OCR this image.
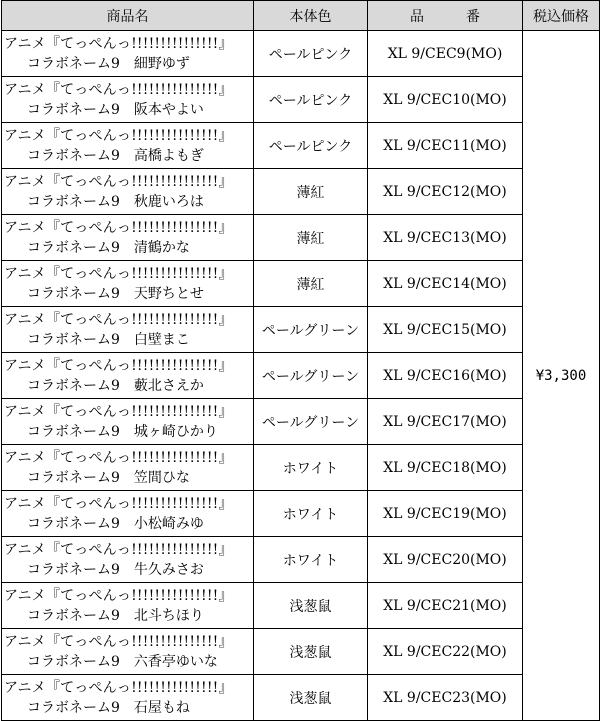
商品名	本体色	品　番	税込価格

アニメ『てっぺんっ!!!!!!!!!!!!!!!』
コラボネーム9　細野ゆず	ペールピンク	XL 9/CEC9(MO)	¥3,300

アニメ『てっぺんっ!!!!!!!!!!!!!!!』
コラボネーム9　阪本やよい	ペールピンク	XL 9/CEC10(MO)	

アニメ『てっぺんっ!!!!!!!!!!!!!!!』
コラボネーム9　高橋よもぎ	ペールピンク	XL 9/CEC11(MO)	

アニメ『てっぺんっ!!!!!!!!!!!!!!!』
コラボネーム9　秋鹿いろは	薄紅	XL 9/CEC12(MO)	

アニメ『てっぺんっ!!!!!!!!!!!!!!!』
コラボネーム9　清鶴かな	薄紅	XL 9/CEC13(MO)	

アニメ『てっぺんっ!!!!!!!!!!!!!!!』
コラボネーム9　天野ちとせ	薄紅	XL 9/CEC14(MO)	

アニメ『てっぺんっ!!!!!!!!!!!!!!!』
コラボネーム9　白壁まこ	ペールグリーン	XL 9/CEC15(MO)	

アニメ『てっぺんっ!!!!!!!!!!!!!!!』
コラボネーム9　藪北さえか	ペールグリーン	XL 9/CEC16(MO)	

アニメ『てっぺんっ!!!!!!!!!!!!!!!』
コラボネーム9　城ヶ崎ひかり	ペールグリーン	XL 9/CEC17(MO)	

アニメ『てっぺんっ!!!!!!!!!!!!!!!』
コラボネーム9　笠間ひな	ホワイト	XL 9/CEC18(MO)	

アニメ『てっぺんっ!!!!!!!!!!!!!!!』
コラボネーム9　小松崎みゆ	ホワイト	XL 9/CEC19(MO)	

アニメ『てっぺんっ!!!!!!!!!!!!!!!』
コラボネーム9　牛久みさお	ホワイト	XL 9/CEC20(MO)	

アニメ『てっぺんっ!!!!!!!!!!!!!!!』
コラボネーム9　北斗ちほり	浅葱鼠	XL 9/CEC21(MO)	

アニメ『てっぺんっ!!!!!!!!!!!!!!!』
コラボネーム9　六香亭ゆいな	浅葱鼠	XL 9/CEC22(MO)	

アニメ『てっぺんっ!!!!!!!!!!!!!!!』
コラボネーム9　石屋もね	浅葱鼠	XL 9/CEC23(MO)	
